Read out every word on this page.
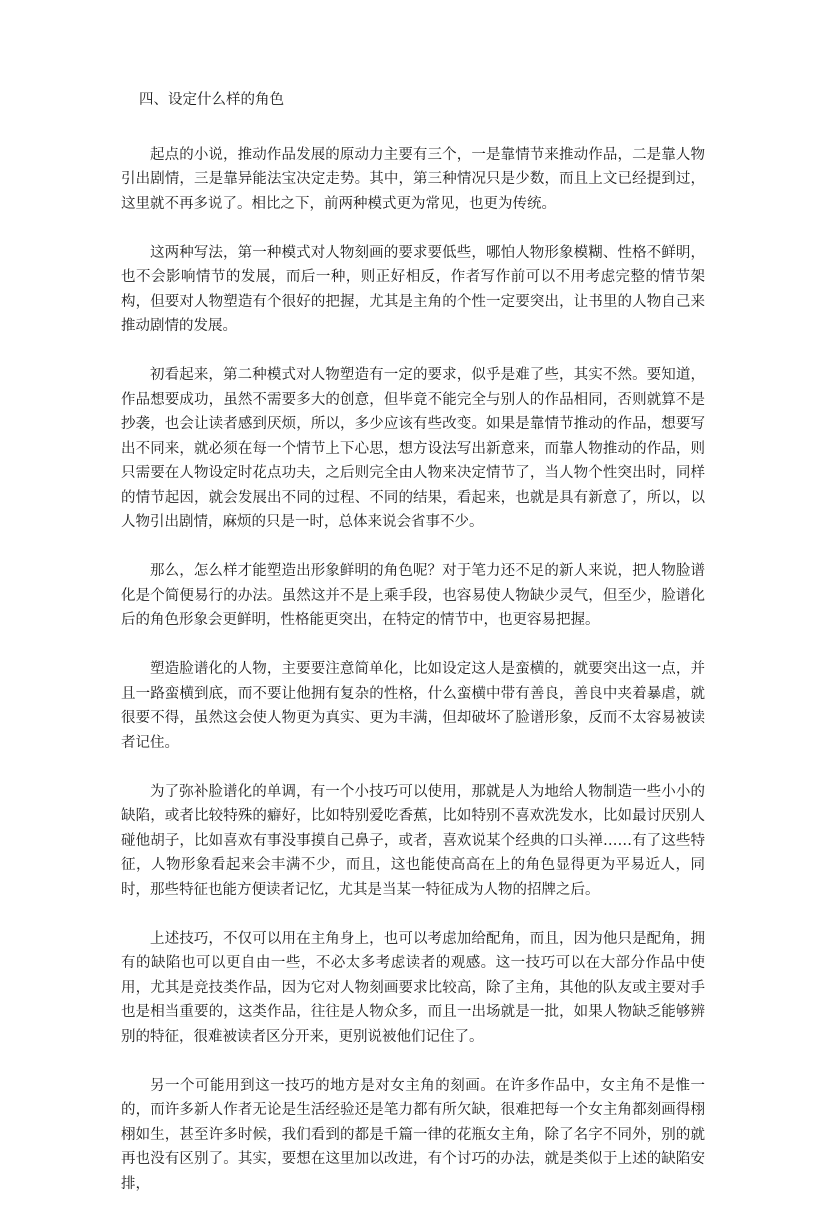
四、设定什么样的角色

起点的小说，推动作品发展的原动力主要有三个，一是靠情节来推动作品，二是靠人物引出剧情，三是靠异能法宝决定走势。其中，第三种情况只是少数，而且上文已经提到过，这里就不再多说了。相比之下，前两种模式更为常见，也更为传统。

这两种写法，第一种模式对人物刻画的要求要低些，哪怕人物形象模糊、性格不鲜明，也不会影响情节的发展，而后一种，则正好相反，作者写作前可以不用考虑完整的情节架构，但要对人物塑造有个很好的把握，尤其是主角的个性一定要突出，让书里的人物自己来推动剧情的发展。

初看起来，第二种模式对人物塑造有一定的要求，似乎是难了些，其实不然。要知道，作品想要成功，虽然不需要多大的创意，但毕竟不能完全与别人的作品相同，否则就算不是抄袭，也会让读者感到厌烦，所以，多少应该有些改变。如果是靠情节推动的作品，想要写出不同来，就必须在每一个情节上下心思，想方设法写出新意来，而靠人物推动的作品，则只需要在人物设定时花点功夫，之后则完全由人物来决定情节了，当人物个性突出时，同样的情节起因，就会发展出不同的过程、不同的结果，看起来，也就是具有新意了，所以，以人物引出剧情，麻烦的只是一时，总体来说会省事不少。

那么，怎么样才能塑造出形象鲜明的角色呢？对于笔力还不足的新人来说，把人物脸谱化是个简便易行的办法。虽然这并不是上乘手段，也容易使人物缺少灵气，但至少，脸谱化后的角色形象会更鲜明，性格能更突出，在特定的情节中，也更容易把握。

塑造脸谱化的人物，主要要注意简单化，比如设定这人是蛮横的，就要突出这一点，并且一路蛮横到底，而不要让他拥有复杂的性格，什么蛮横中带有善良，善良中夹着暴虐，就很要不得，虽然这会使人物更为真实、更为丰满，但却破坏了脸谱形象，反而不太容易被读者记住。

为了弥补脸谱化的单调，有一个小技巧可以使用，那就是人为地给人物制造一些小小的缺陷，或者比较特殊的癖好，比如特别爱吃香蕉，比如特别不喜欢洗发水，比如最讨厌别人碰他胡子，比如喜欢有事没事摸自己鼻子，或者，喜欢说某个经典的口头禅……有了这些特征，人物形象看起来会丰满不少，而且，这也能使高高在上的角色显得更为平易近人，同时，那些特征也能方便读者记忆，尤其是当某一特征成为人物的招牌之后。

上述技巧，不仅可以用在主角身上，也可以考虑加给配角，而且，因为他只是配角，拥有的缺陷也可以更自由一些，不必太多考虑读者的观感。这一技巧可以在大部分作品中使用，尤其是竞技类作品，因为它对人物刻画要求比较高，除了主角，其他的队友或主要对手也是相当重要的，这类作品，往往是人物众多，而且一出场就是一批，如果人物缺乏能够辨别的特征，很难被读者区分开来，更别说被他们记住了。

另一个可能用到这一技巧的地方是对女主角的刻画。在许多作品中，女主角不是惟一的，而许多新人作者无论是生活经验还是笔力都有所欠缺，很难把每一个女主角都刻画得栩栩如生，甚至许多时候，我们看到的都是千篇一律的花瓶女主角，除了名字不同外，别的就再也没有区别了。其实，要想在这里加以改进，有个讨巧的办法，就是类似于上述的缺陷安排，
